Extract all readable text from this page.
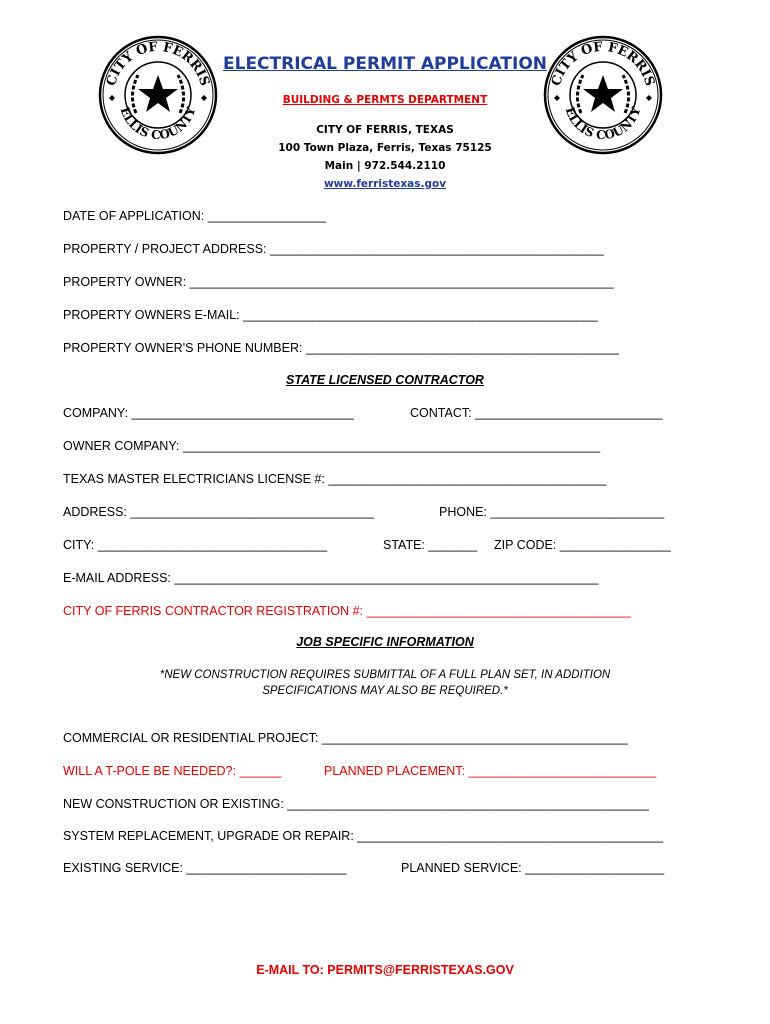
CITY OF FERRIS
ELLIS COUNTY
CITY OF FERRIS
ELLIS COUNTY
ELECTRICAL PERMIT APPLICATION
BUILDING & PERMTS DEPARTMENT
CITY OF FERRIS, TEXAS
100 Town Plaza, Ferris, Texas 75125
Main | 972.544.2110
www.ferristexas.gov
DATE OF APPLICATION: _________________
PROPERTY / PROJECT ADDRESS: ________________________________________________
PROPERTY OWNER: _____________________________________________________________
PROPERTY OWNERS E-MAIL: ___________________________________________________
PROPERTY OWNER'S PHONE NUMBER: _____________________________________________
STATE LICENSED CONTRACTOR
COMPANY: ________________________________	CONTACT: ___________________________
OWNER COMPANY: ____________________________________________________________
TEXAS MASTER ELECTRICIANS LICENSE #: ________________________________________
ADDRESS: ___________________________________	PHONE: _________________________
CITY: _________________________________	STATE: _______ ZIP CODE: ________________
E-MAIL ADDRESS: _____________________________________________________________
CITY OF FERRIS CONTRACTOR REGISTRATION #: ______________________________________
JOB SPECIFIC INFORMATION
*NEW CONSTRUCTION REQUIRES SUBMITTAL OF A FULL PLAN SET, IN ADDITION
SPECIFICATIONS MAY ALSO BE REQUIRED.*
COMMERCIAL OR RESIDENTIAL PROJECT: ____________________________________________
WILL A T-POLE BE NEEDED?: ______	PLANNED PLACEMENT: ___________________________
NEW CONSTRUCTION OR EXISTING: ____________________________________________________
SYSTEM REPLACEMENT, UPGRADE OR REPAIR: ____________________________________________
EXISTING SERVICE: _______________________	PLANNED SERVICE: ____________________
E-MAIL TO: PERMITS@FERRISTEXAS.GOV
